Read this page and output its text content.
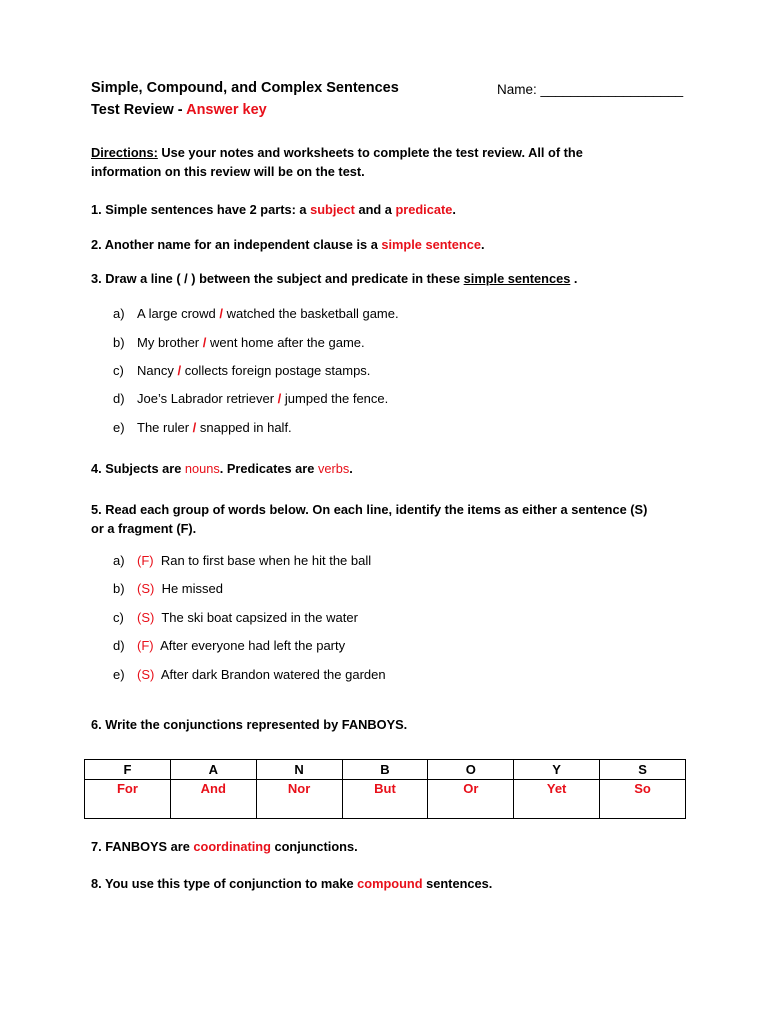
Simple, Compound, and Complex Sentences
Test Review - Answer key
Name: ___________________
Directions: Use your notes and worksheets to complete the test review. All of the
information on this review will be on the test.
1. Simple sentences have 2 parts: a subject and a predicate.
2. Another name for an independent clause is a simple sentence.
3. Draw a line ( / ) between the subject and predicate in these simple sentences .
a) A large crowd / watched the basketball game.
b) My brother / went home after the game.
c) Nancy / collects foreign postage stamps.
d) Joe’s Labrador retriever / jumped the fence.
e) The ruler / snapped in half.
4. Subjects are nouns. Predicates are verbs.
5. Read each group of words below. On each line, identify the items as either a sentence (S)
or a fragment (F).
a) (F) Ran to first base when he hit the ball
b) (S) He missed
c) (S) The ski boat capsized in the water
d) (F) After everyone had left the party
e) (S)  After dark Brandon watered the garden
6. Write the conjunctions represented by FANBOYS.
F	A	N	B	O	Y	S
For	And	Nor	But	Or	Yet	So
7. FANBOYS are coordinating conjunctions.
8. You use this type of conjunction to make compound sentences.
